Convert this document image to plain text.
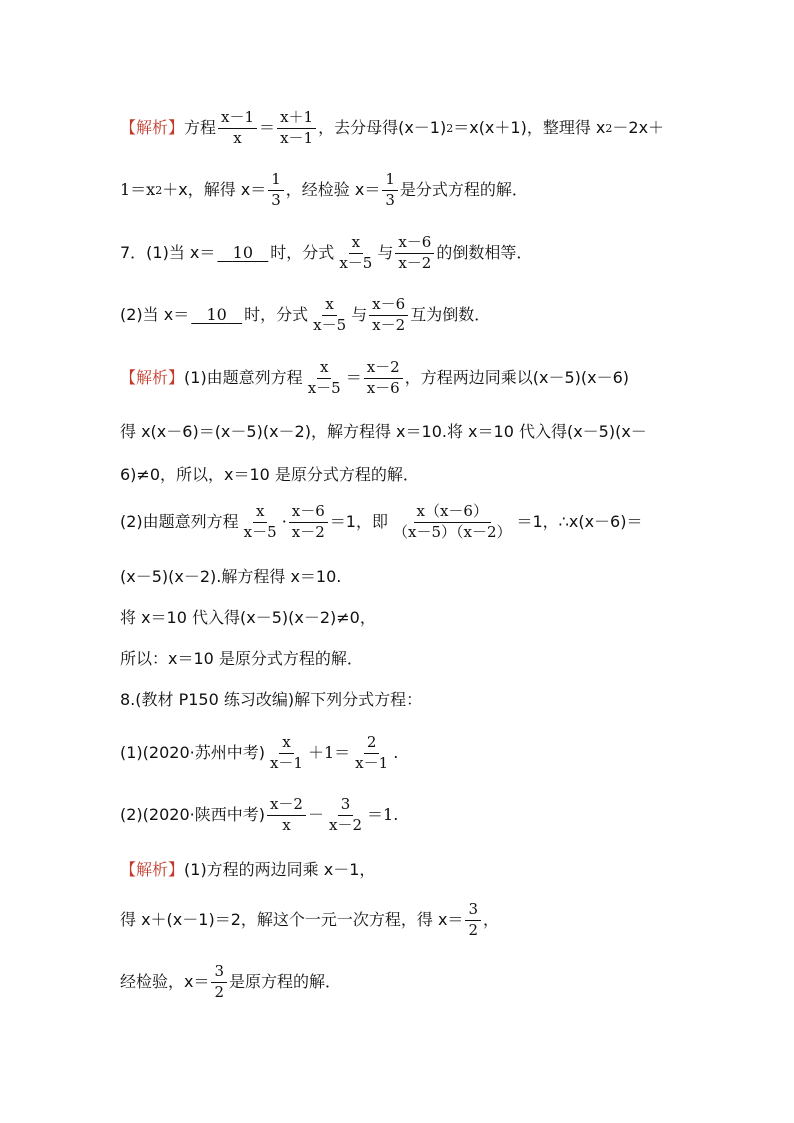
【解析】 方程 $\frac{x-1}{x} = \frac{x+1}{x-1}$ ，去分母得(x－1) 2 ＝x(x＋1)，整理得 x 2 －2x＋
1＝x 2 ＋x，解得 $x= \frac{1}{3}$ ，经检验 $x= \frac{1}{3}$ 是分式方程的解．
7．(1)当 x＝	10	时，分式 $\frac{x}{x-5}$ 与 $\frac{x-6}{x-2}$ 的倒数相等．
(2)当 x＝	10	时，分式 $\frac{x}{x-5}$ 与 $\frac{x-6}{x-2}$ 互为倒数．
【解析】 (1)由题意列方程 $\frac{x}{x-5} = \frac{x-2}{x-6}$ ，方程两边同乘以(x－5)(x－6)
得 x(x－6)＝(x－5)(x－2)，解方程得 x＝10.将 x＝10 代入得(x－5)(x－
6)≠0，所以，x＝10 是原分式方程的解．
(2)由题意列方程 $\frac{x}{x-5} \cdot \frac{x-6}{x-2} =1$，即 $\frac{x(x-6)}{(x-5)(x-2)} =1$，∴x(x－6)＝
(x－5)(x－2).解方程得 x＝10.
将 x＝10 代入得(x－5)(x－2)≠0，
所以：x＝10 是原分式方程的解．
8.(教材 P150 练习改编)解下列分式方程：
(1)(2020·苏州中考) $\frac{x}{x-1} +1= \frac{2}{x-1}$ .
(2)(2020·陕西中考) $\frac{x-2}{x} - \frac{3}{x-2} =1$.
【解析】 (1)方程的两边同乘 x－1，
得 x＋(x－1)＝2，解这个一元一次方程，得 $x= \frac{3}{2}$ ，
经检验，$x= \frac{3}{2}$ 是原方程的解．
